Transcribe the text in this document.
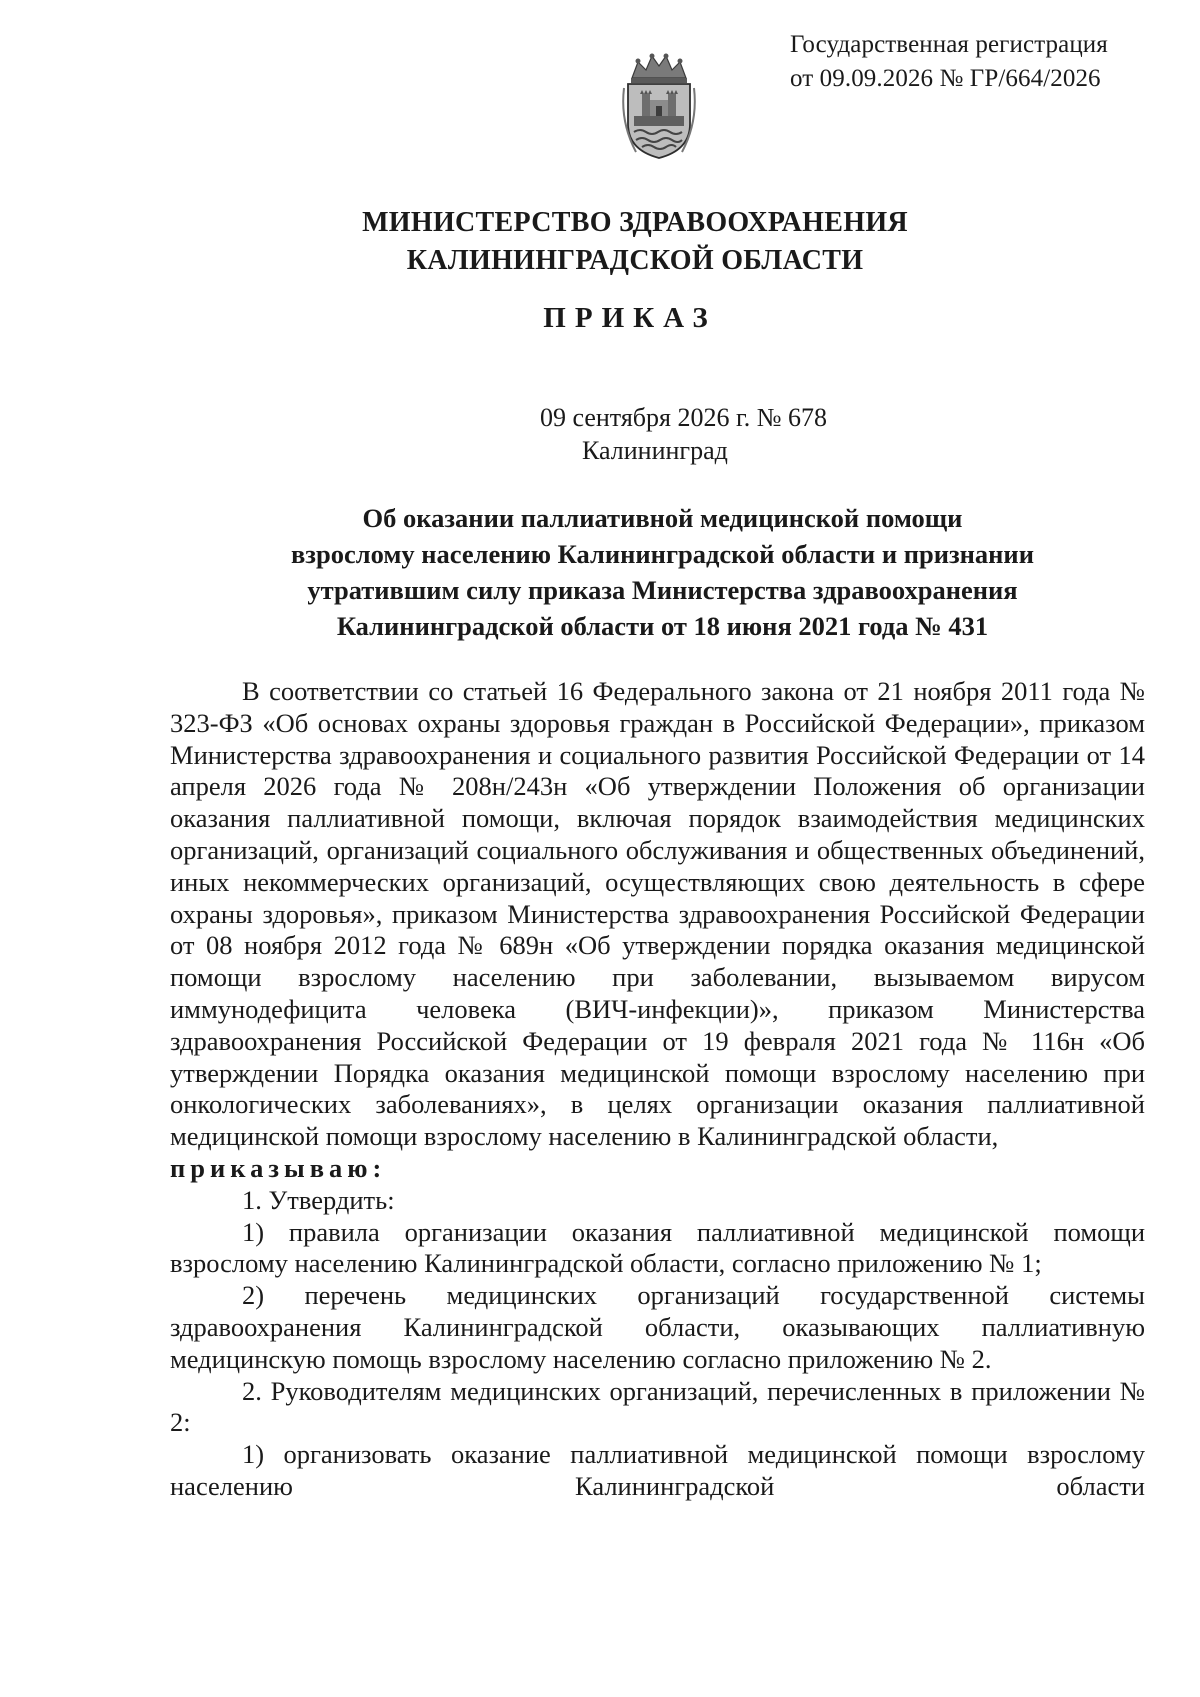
Государственная регистрация
от 09.09.2026 № ГР/664/2026
МИНИСТЕРСТВО ЗДРАВООХРАНЕНИЯ
КАЛИНИНГРАДСКОЙ ОБЛАСТИ
ПРИКАЗ
09 сентября 2026 г. № 678
Калининград
Об оказании паллиативной медицинской помощи
взрослому населению Калининградской области и признании
утратившим силу приказа Министерства здравоохранения
Калининградской области от 18 июня 2021 года № 431

В соответствии со статьей 16 Федерального закона от 21 ноября 2011 года № 323-ФЗ «Об основах охраны здоровья граждан в Российской Федерации», приказом Министерства здравоохранения и социального развития Российской Федерации от 14 апреля 2026 года № 208н/243н «Об утверждении Положения об организации оказания паллиативной помощи, включая порядок взаимодействия медицинских организаций, организаций социального обслуживания и общественных объединений, иных некоммерческих организаций, осуществляющих свою деятельность в сфере охраны здоровья», приказом Министерства здравоохранения Российской Федерации от 08 ноября 2012 года № 689н «Об утверждении порядка оказания медицинской помощи взрослому населению при заболевании, вызываемом вирусом иммунодефицита человека (ВИЧ-инфекции)», приказом Министерства здравоохранения Российской Федерации от 19 февраля 2021 года № 116н «Об утверждении Порядка оказания медицинской помощи взрослому населению при онкологических заболеваниях», в целях организации оказания паллиативной медицинской помощи взрослому населению в Калининградской области,

приказываю:

1. Утвердить:

1) правила организации оказания паллиативной медицинской помощи взрослому населению Калининградской области, согласно приложению № 1;

2) перечень медицинских организаций государственной системы здравоохранения Калининградской области, оказывающих паллиативную медицинскую помощь взрослому населению согласно приложению № 2.

2. Руководителям медицинских организаций, перечисленных в приложении № 2:

1) организовать оказание паллиативной медицинской помощи взрослому населению Калининградской области
